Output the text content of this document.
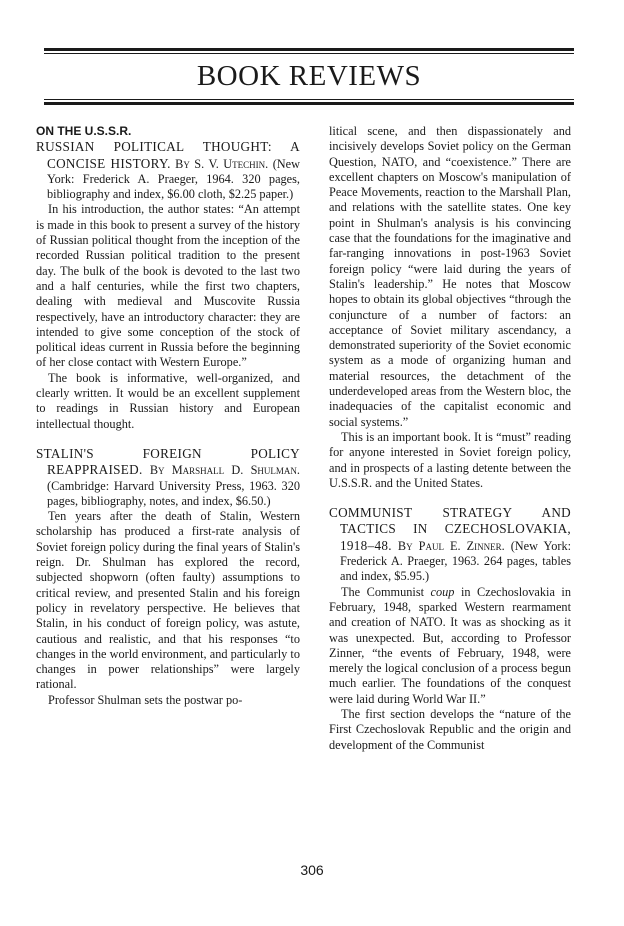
BOOK REVIEWS

ON THE U.S.S.R.

RUSSIAN POLITICAL THOUGHT: A CONCISE HISTORY. By S. V. Utechin. (New York: Frederick A. Praeger, 1964. 320 pages, bibliography and index, $6.00 cloth, $2.25 paper.)

In his introduction, the author states: “An attempt is made in this book to present a survey of the history of Russian political thought from the inception of the recorded Russian political tradition to the present day. The bulk of the book is devoted to the last two and a half centuries, while the first two chapters, dealing with medieval and Muscovite Russia respectively, have an introductory character: they are intended to give some conception of the stock of political ideas current in Russia before the beginning of her close contact with Western Europe.”

The book is informative, well-organized, and clearly written. It would be an excellent supplement to readings in Russian history and European intellectual thought.

STALIN'S FOREIGN POLICY REAPPRAISED. By Marshall D. Shulman. (Cambridge: Harvard University Press, 1963. 320 pages, bibliography, notes, and index, $6.50.)

Ten years after the death of Stalin, Western scholarship has produced a first-rate analysis of Soviet foreign policy during the final years of Stalin's reign. Dr. Shulman has explored the record, subjected shopworn (often faulty) assumptions to critical review, and presented Stalin and his foreign policy in revelatory perspective. He believes that Stalin, in his conduct of foreign policy, was astute, cautious and realistic, and that his responses “to changes in the world environment, and particularly to changes in power relationships” were largely rational.

Professor Shulman sets the postwar po-

litical scene, and then dispassionately and incisively develops Soviet policy on the German Question, NATO, and “coexistence.” There are excellent chapters on Moscow's manipulation of Peace Movements, reaction to the Marshall Plan, and relations with the satellite states. One key point in Shulman's analysis is his convincing case that the foundations for the imaginative and far-ranging innovations in post-1963 Soviet foreign policy “were laid during the years of Stalin's leadership.” He notes that Moscow hopes to obtain its global objectives “through the conjuncture of a number of factors: an acceptance of Soviet military ascendancy, a demonstrated superiority of the Soviet economic system as a mode of organizing human and material resources, the detachment of the underdeveloped areas from the Western bloc, the inadequacies of the capitalist economic and social systems.”

This is an important book. It is “must” reading for anyone interested in Soviet foreign policy, and in prospects of a lasting detente between the U.S.S.R. and the United States.

COMMUNIST STRATEGY AND TACTICS IN CZECHOSLOVAKIA, 1918–48. By Paul E. Zinner. (New York: Frederick A. Praeger, 1963. 264 pages, tables and index, $5.95.)

The Communist coup in Czechoslovakia in February, 1948, sparked Western rearmament and creation of NATO. It was as shocking as it was unexpected. But, according to Professor Zinner, “the events of February, 1948, were merely the logical conclusion of a process begun much earlier. The foundations of the conquest were laid during World War II.”

The first section develops the “nature of the First Czechoslovak Republic and the origin and development of the Communist

306
